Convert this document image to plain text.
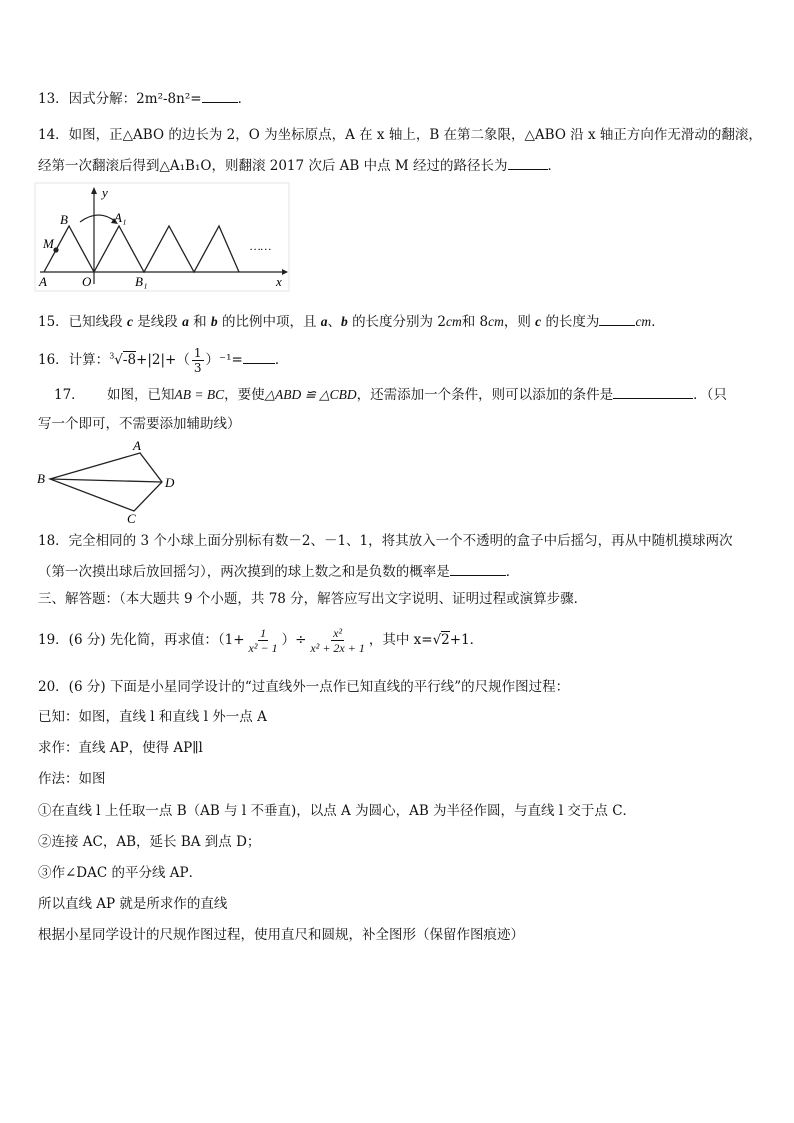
13．因式分解：2m²-8n²=	．
14．如图，正△ABO 的边长为 2，O 为坐标原点，A 在 x 轴上，B 在第二象限，△ABO 沿 x 轴正方向作无滑动的翻滚，
经第一次翻滚后得到△A₁B₁O，则翻滚 2017 次后 AB 中点 M 经过的路径长为	．
y
B	A₁
M
A	O	B₁
……
x
15．已知线段 c 是线段 a 和 b 的比例中项，且 a、b 的长度分别为 2cm和 8cm，则 c 的长度为	cm．
16．计算：$^3√-8+|2|+( \frac{1}{3} )^{-1}=$ ．
17． 如图，已知AB = BC，要使△ABD ≌ △CBD，还需添加一个条件，则可以添加的条件是	．（只
写一个即可，不需要添加辅助线）
A
B	D
C
18．完全相同的 3 个小球上面分别标有数－2、－1、1，将其放入一个不透明的盒子中后摇匀，再从中随机摸球两次
（第一次摸出球后放回摇匀），两次摸到的球上数之和是负数的概率是	．
三、解答题：（本大题共 9 个小题，共 78 分，解答应写出文字说明、证明过程或演算步骤．
19．(6 分) 先化简，再求值：（$1+ \frac{1}{\text{x² − 1}}$ ）÷ $\frac{\text{x²}}{\text{x² + 2x + 1}}$ ，其中 x=√2+1．
20．(6 分) 下面是小星同学设计的“过直线外一点作已知直线的平行线”的尺规作图过程：
已知：如图，直线 l 和直线 l 外一点 A
求作：直线 AP，使得 AP∥l
作法：如图
①在直线 l 上任取一点 B（AB 与 l 不垂直)，以点 A 为圆心，AB 为半径作圆，与直线 l 交于点 C．
②连接 AC，AB，延长 BA 到点 D；
③作∠DAC 的平分线 AP．
所以直线 AP 就是所求作的直线
根据小星同学设计的尺规作图过程，使用直尺和圆规，补全图形（保留作图痕迹）
